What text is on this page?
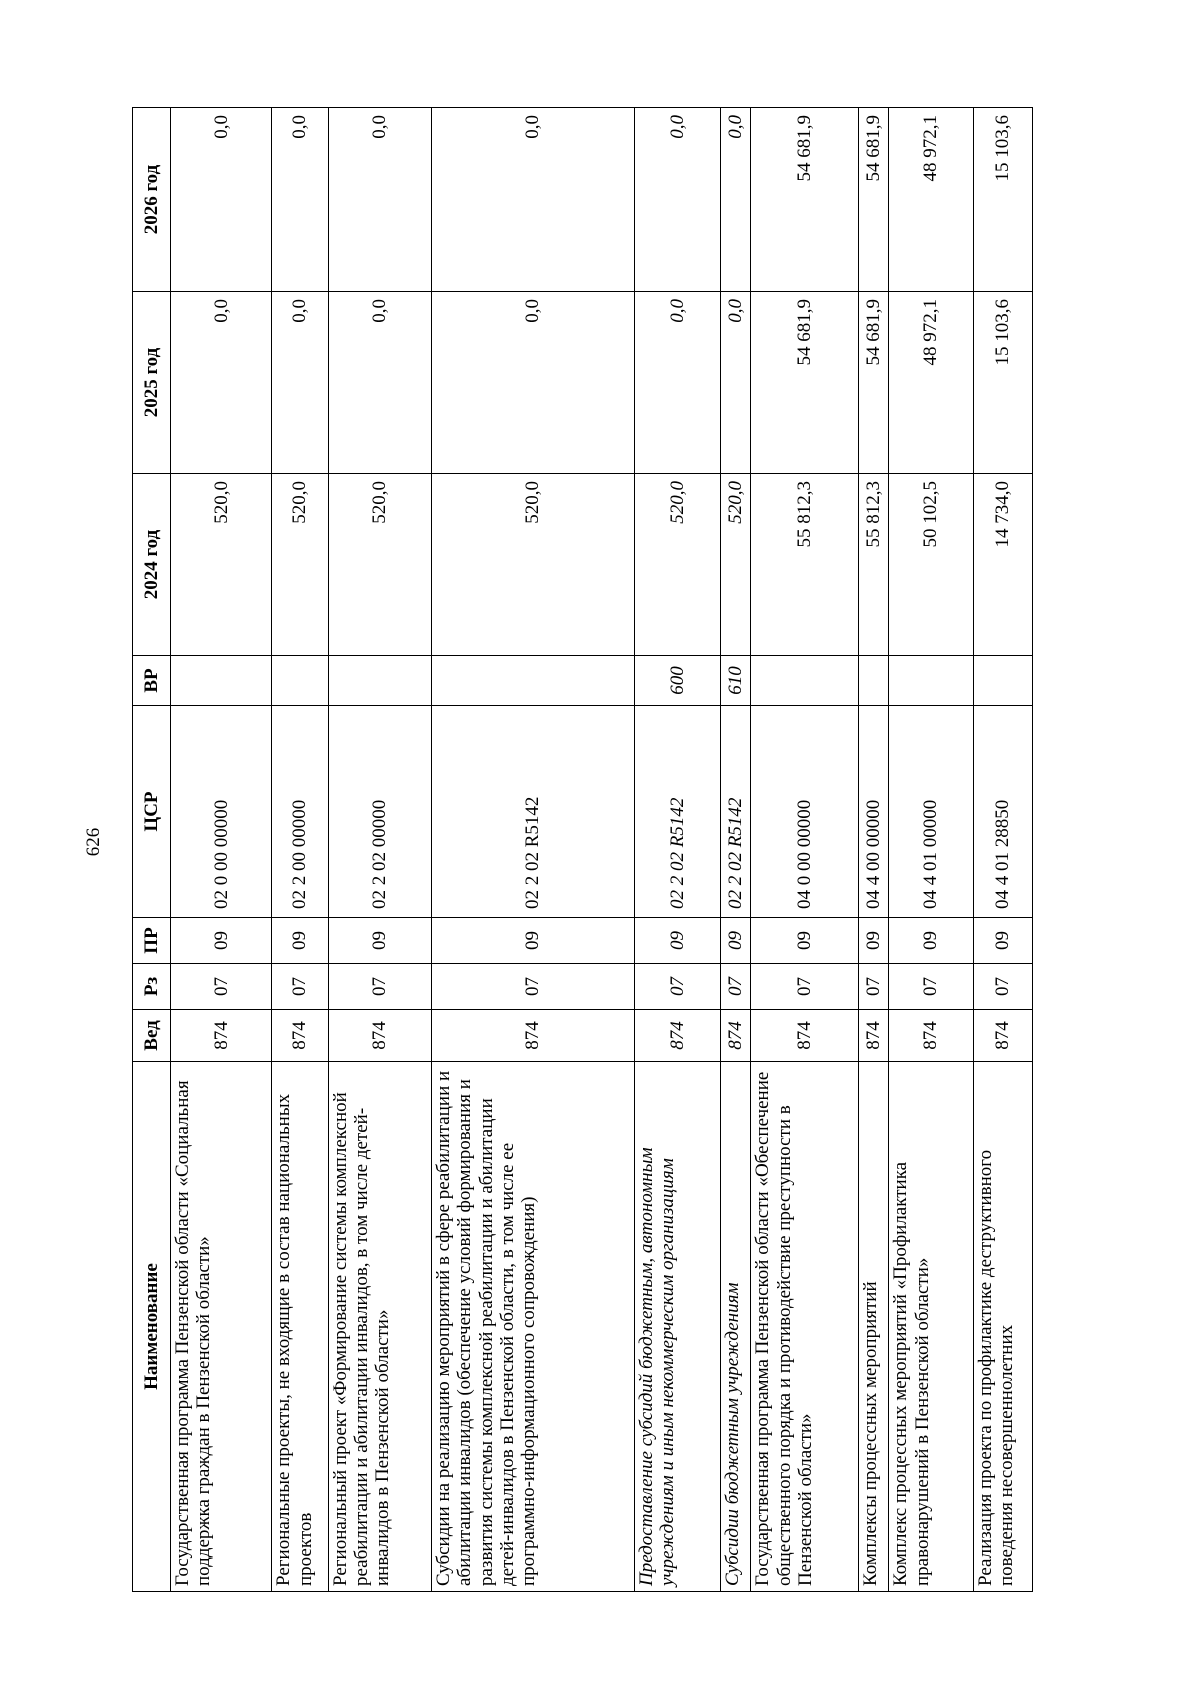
626
Наименование	Вед	Рз	ПР	ЦСР	ВР	2024 год	2025 год	2026 год
Государственная программа Пензенской области «Социальная поддержка граждан в Пензенской области»	874	07	09	02 0 00 00000		520,0	0,0	0,0
Региональные проекты, не входящие в состав национальных проектов	874	07	09	02 2 00 00000		520,0	0,0	0,0
Региональный проект «Формирование системы комплексной реабилитации и абилитации инвалидов, в том числе детей-инвалидов в Пензенской области»	874	07	09	02 2 02 00000		520,0	0,0	0,0
Субсидии на реализацию мероприятий в сфере реабилитации и абилитации инвалидов (обеспечение условий формирования и развития системы комплексной реабилитации и абилитации детей-инвалидов в Пензенской области, в том числе ее программно-информационного сопровождения)	874	07	09	02 2 02 R5142		520,0	0,0	0,0
Предоставление субсидий бюджетным, автономным учреждениям и иным некоммерческим организациям	874	07	09	02 2 02 R5142	600	520,0	0,0	0,0
Субсидии бюджетным учреждениям	874	07	09	02 2 02 R5142	610	520,0	0,0	0,0
Государственная программа Пензенской области «Обеспечение общественного порядка и противодействие преступности в Пензенской области»	874	07	09	04 0 00 00000		55 812,3	54 681,9	54 681,9
Комплексы процессных мероприятий	874	07	09	04 4 00 00000		55 812,3	54 681,9	54 681,9
Комплекс процессных мероприятий «Профилактика правонарушений в Пензенской области»	874	07	09	04 4 01 00000		50 102,5	48 972,1	48 972,1
Реализация проекта по профилактике деструктивного поведения несовершеннолетних	874	07	09	04 4 01 28850		14 734,0	15 103,6	15 103,6
